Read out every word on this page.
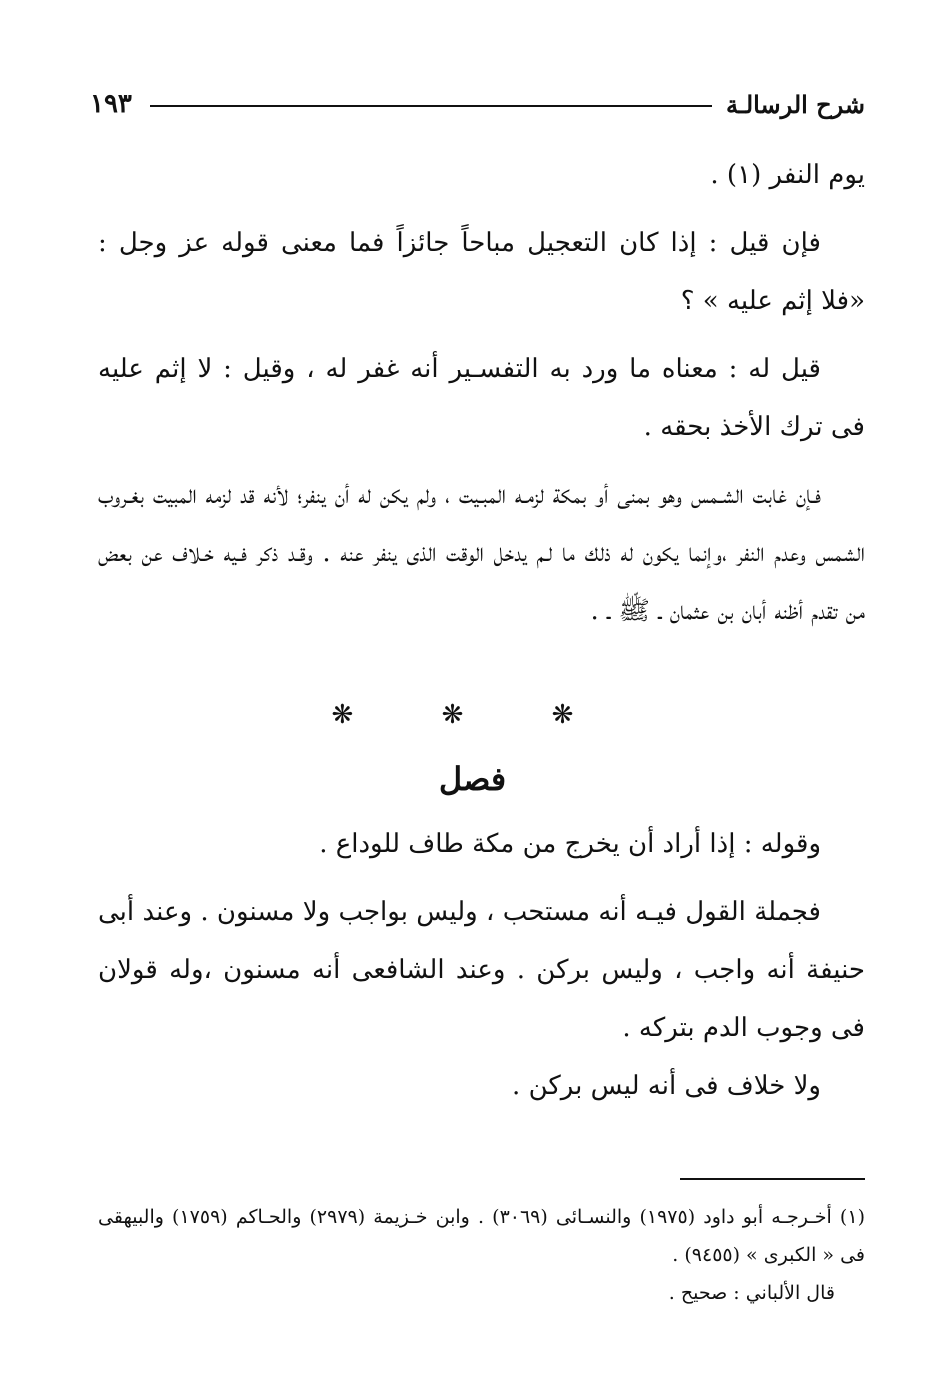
شرح الرسالـة
١٩٣

يوم النفر (١) .

فإن قيل : إذا كان التعجيل مباحاً جائزاً فما معنى قوله عز وجل : «فلا إثم عليه » ؟

قيل له : معناه ما ورد به التفسـير أنه غفر له ، وقيل : لا إثم عليه فى ترك الأخذ بحقه .

فـإن غابت الشـمس وهو بمنى أو بمكة لزمـه المبـيت ، ولم يكن له أن ينفر؛ لأنه قد لزمه المبيت بغـروب الشمس وعدم النفر ،وإنما يكون له ذلك ما لـم يدخل الوقت الذى ينفر عنه . وقـد ذكر فـيه خـلاف عن بعض من تقدم أظنه أبان بن عثمان ـ ﷺ ـ .

❋ ❋ ❋
فصل

وقوله : إذا أراد أن يخرج من مكة طاف للوداع .

فجملة القول فيـه أنه مستحب ، وليس بواجب ولا مسنون . وعند أبى حنيفة أنه واجب ، وليس بركن . وعند الشافعى أنه مسنون ،وله قولان فى وجوب الدم بتركه .

ولا خلاف فى أنه ليس بركن .

(١) أخـرجـه أبو داود (١٩٧٥) والنسـائى (٣٠٦٩) . وابن خـزيمة (٢٩٧٩) والحـاكم (١٧٥٩) والبيهقى فى « الكبرى » (٩٤٥٥) .

قال الألباني : صحيح .
